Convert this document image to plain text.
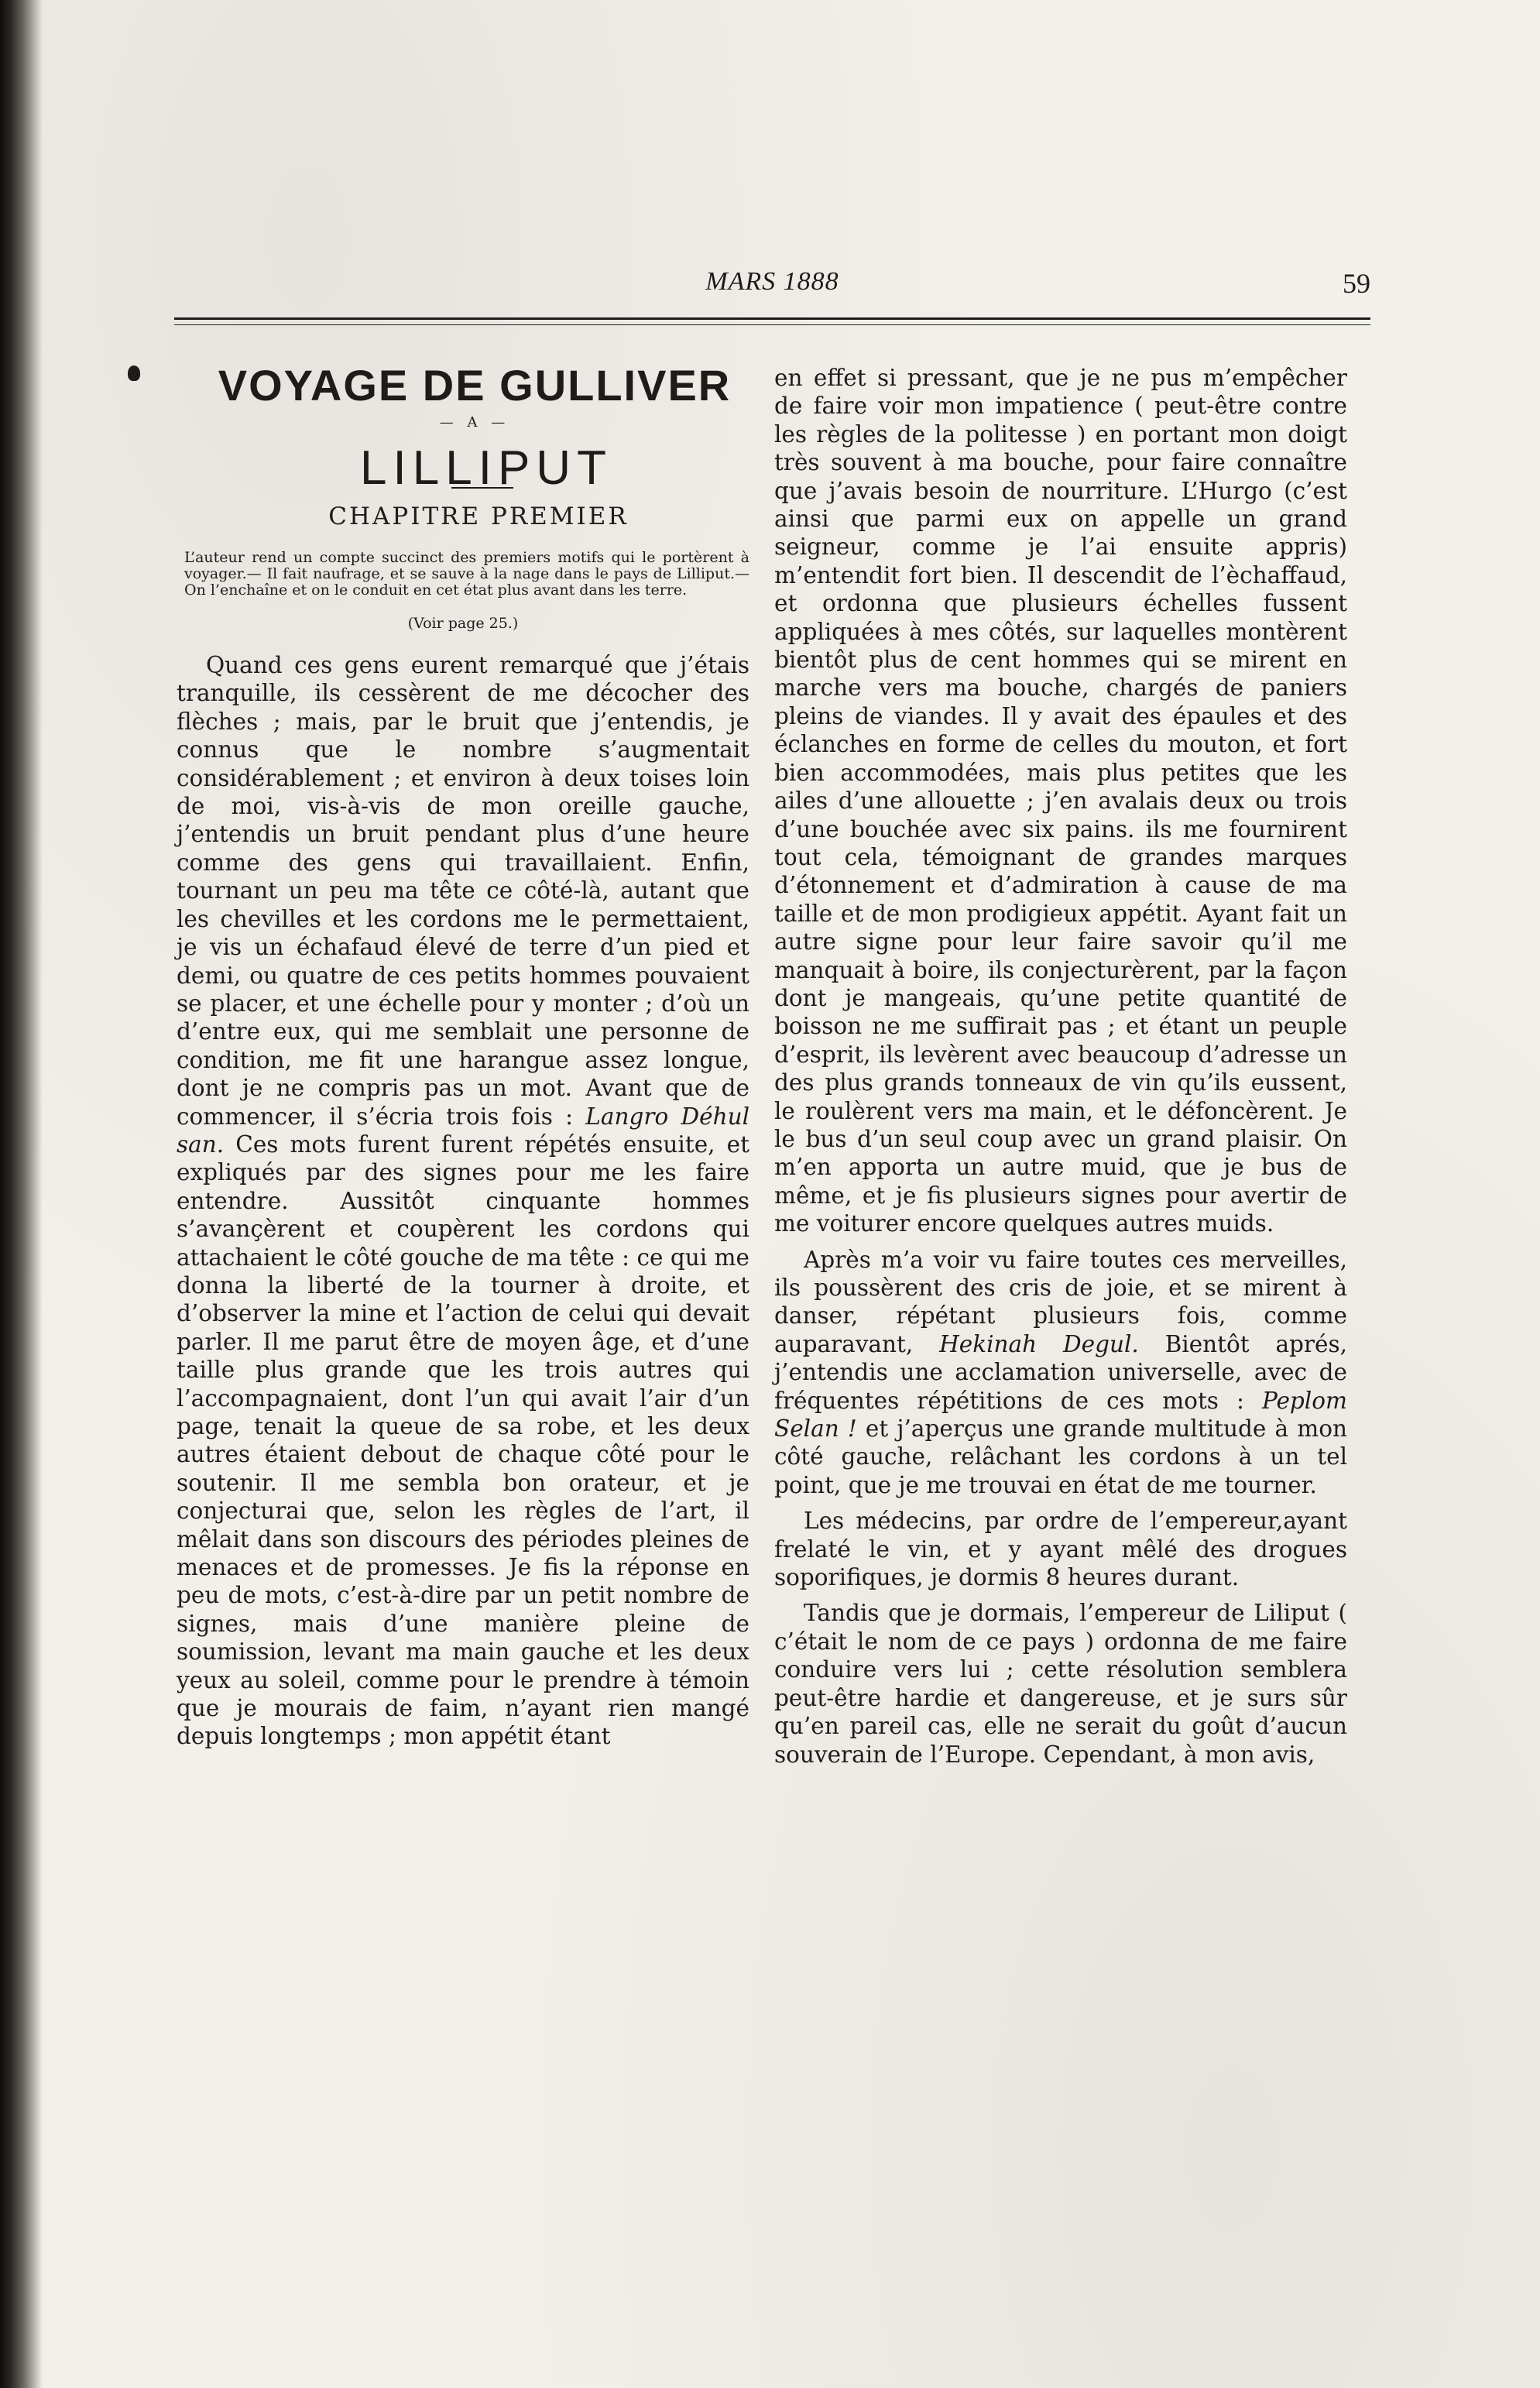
MARS 1888	59
VOYAGE DE GULLIVER
— A —
LILLIPUT
CHAPITRE PREMIER

L’auteur rend un compte succinct des premiers motifs qui le portèrent à voyager.— Il fait naufrage, et se sauve à la nage dans le pays de Lilliput.— On l’enchaîne et on le conduit en cet état plus avant dans les terre.

(Voir page 25.)

Quand ces gens eurent remarqué que j’étais tranquille, ils cessèrent de me décocher des flèches ; mais, par le bruit que j’entendis, je connus que le nombre s’augmentait considérablement ; et environ à deux toises loin de moi, vis-à-vis de mon oreille gauche, j’entendis un bruit pendant plus d’une heure comme des gens qui travaillaient. Enfin, tournant un peu ma tête ce côté-là, autant que les chevilles et les cordons me le permettaient, je vis un échafaud élevé de terre d’un pied et demi, ou quatre de ces petits hommes pouvaient se placer, et une échelle pour y monter ; d’où un d’entre eux, qui me semblait une personne de condition, me fit une harangue assez longue, dont je ne compris pas un mot. Avant que de commencer, il s’écria trois fois : Langro Déhul san. Ces mots furent furent répétés ensuite, et expliqués par des signes pour me les faire entendre. Aussitôt cinquante hommes s’avançèrent et coupèrent les cordons qui attachaient le côté gouche de ma tête : ce qui me donna la liberté de la tourner à droite, et d’observer la mine et l’action de celui qui devait parler. Il me parut être de moyen âge, et d’une taille plus grande que les trois autres qui l’accompagnaient, dont l’un qui avait l’air d’un page, tenait la queue de sa robe, et les deux autres étaient debout de chaque côté pour le soutenir. Il me sembla bon orateur, et je conjecturai que, selon les règles de l’art, il mêlait dans son discours des périodes pleines de menaces et de promesses. Je fis la réponse en peu de mots, c’est-à-dire par un petit nombre de signes, mais d’une manière pleine de soumission, levant ma main gauche et les deux yeux au soleil, comme pour le prendre à témoin que je mourais de faim, n’ayant rien mangé depuis longtemps ; mon appétit étant

en effet si pressant, que je ne pus m’empêcher de faire voir mon impatience ( peut-être contre les règles de la politesse ) en portant mon doigt très souvent à ma bouche, pour faire connaître que j’avais besoin de nourriture. L’Hurgo (c’est ainsi que parmi eux on appelle un grand seigneur, comme je l’ai ensuite appris) m’entendit fort bien. Il descendit de l’èchaffaud, et ordonna que plusieurs échelles fussent appliquées à mes côtés, sur laquelles montèrent bientôt plus de cent hommes qui se mirent en marche vers ma bouche, chargés de paniers pleins de viandes. Il y avait des épaules et des éclanches en forme de celles du mouton, et fort bien accommodées, mais plus petites que les ailes d’une allouette ; j’en avalais deux ou trois d’une bouchée avec six pains. ils me fournirent tout cela, témoignant de grandes marques d’étonnement et d’admiration à cause de ma taille et de mon prodigieux appétit. Ayant fait un autre signe pour leur faire savoir qu’il me manquait à boire, ils conjecturèrent, par la façon dont je mangeais, qu’une petite quantité de boisson ne me suffirait pas ; et étant un peuple d’esprit, ils levèrent avec beaucoup d’adresse un des plus grands tonneaux de vin qu’ils eussent, le roulèrent vers ma main, et le défoncèrent. Je le bus d’un seul coup avec un grand plaisir. On m’en apporta un autre muid, que je bus de même, et je fis plusieurs signes pour avertir de me voiturer encore quelques autres muids.

Après m’a voir vu faire toutes ces merveilles, ils poussèrent des cris de joie, et se mirent à danser, répétant plusieurs fois, comme auparavant, Hekinah Degul. Bientôt aprés, j’entendis une acclamation universelle, avec de fréquentes répétitions de ces mots : Peplom Selan ! et j’aperçus une grande multitude à mon côté gauche, relâchant les cordons à un tel point, que je me trouvai en état de me tourner.

Les médecins, par ordre de l’empereur,ayant frelaté le vin, et y ayant mêlé des drogues soporifiques, je dormis 8 heures durant.

Tandis que je dormais, l’empereur de Liliput ( c’était le nom de ce pays ) ordonna de me faire conduire vers lui ; cette résolution semblera peut-être hardie et dangereuse, et je surs sûr qu’en pareil cas, elle ne serait du goût d’aucun souverain de l’Europe. Cependant, à mon avis,
